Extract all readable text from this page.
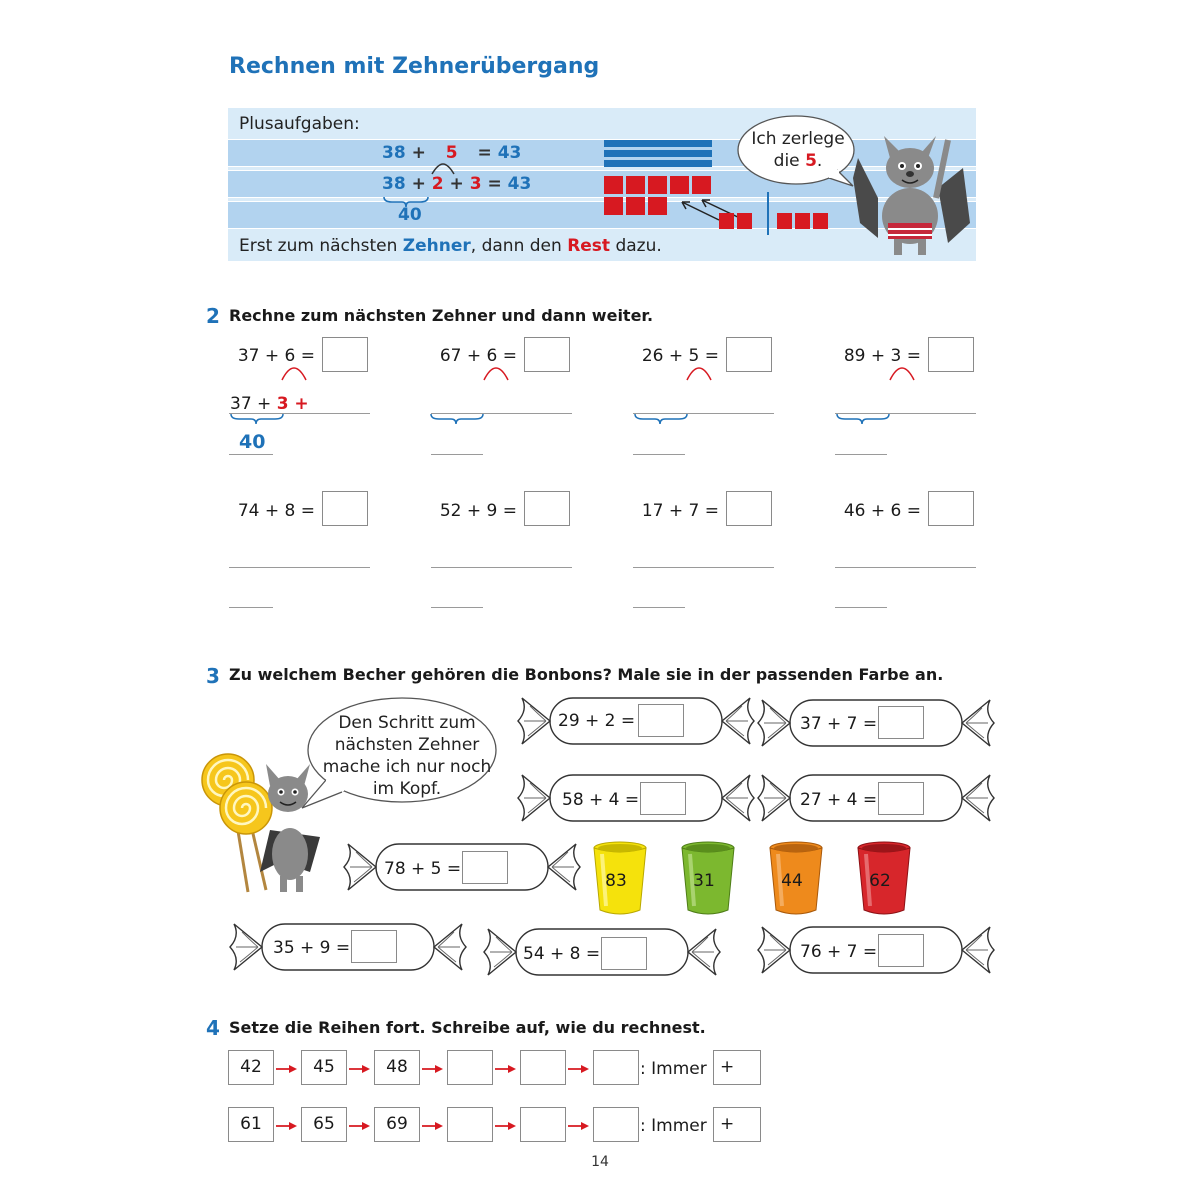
Rechnen mit Zehnerübergang
Plusaufgaben:
38 + 5 = 43
38 + 2 + 3 = 43
40
Erst zum nächsten Zehner, dann den Rest dazu.
Ich zerlege
die 5.
2 Rechne zum nächsten Zehner und dann weiter.
37 + 6 =	67 + 6 =	26 + 5 =	89 + 3 =
37 + 3 +
40
74 + 8 =	52 + 9 =	17 + 7 =	46 + 6 =
3 Zu welchem Becher gehören die Bonbons? Male sie in der passenden Farbe an.
Den Schritt zum
nächsten Zehner
mache ich nur noch
im Kopf.
29 + 2 =	37 + 7 =
58 + 4 =	27 + 4 =
78 + 5 =
35 + 9 =	54 + 8 =	76 + 7 =
83	31	44	62
4 Setze die Reihen fort. Schreibe auf, wie du rechnest.
42	45	48	: Immer +
61	65	69	: Immer +
14
